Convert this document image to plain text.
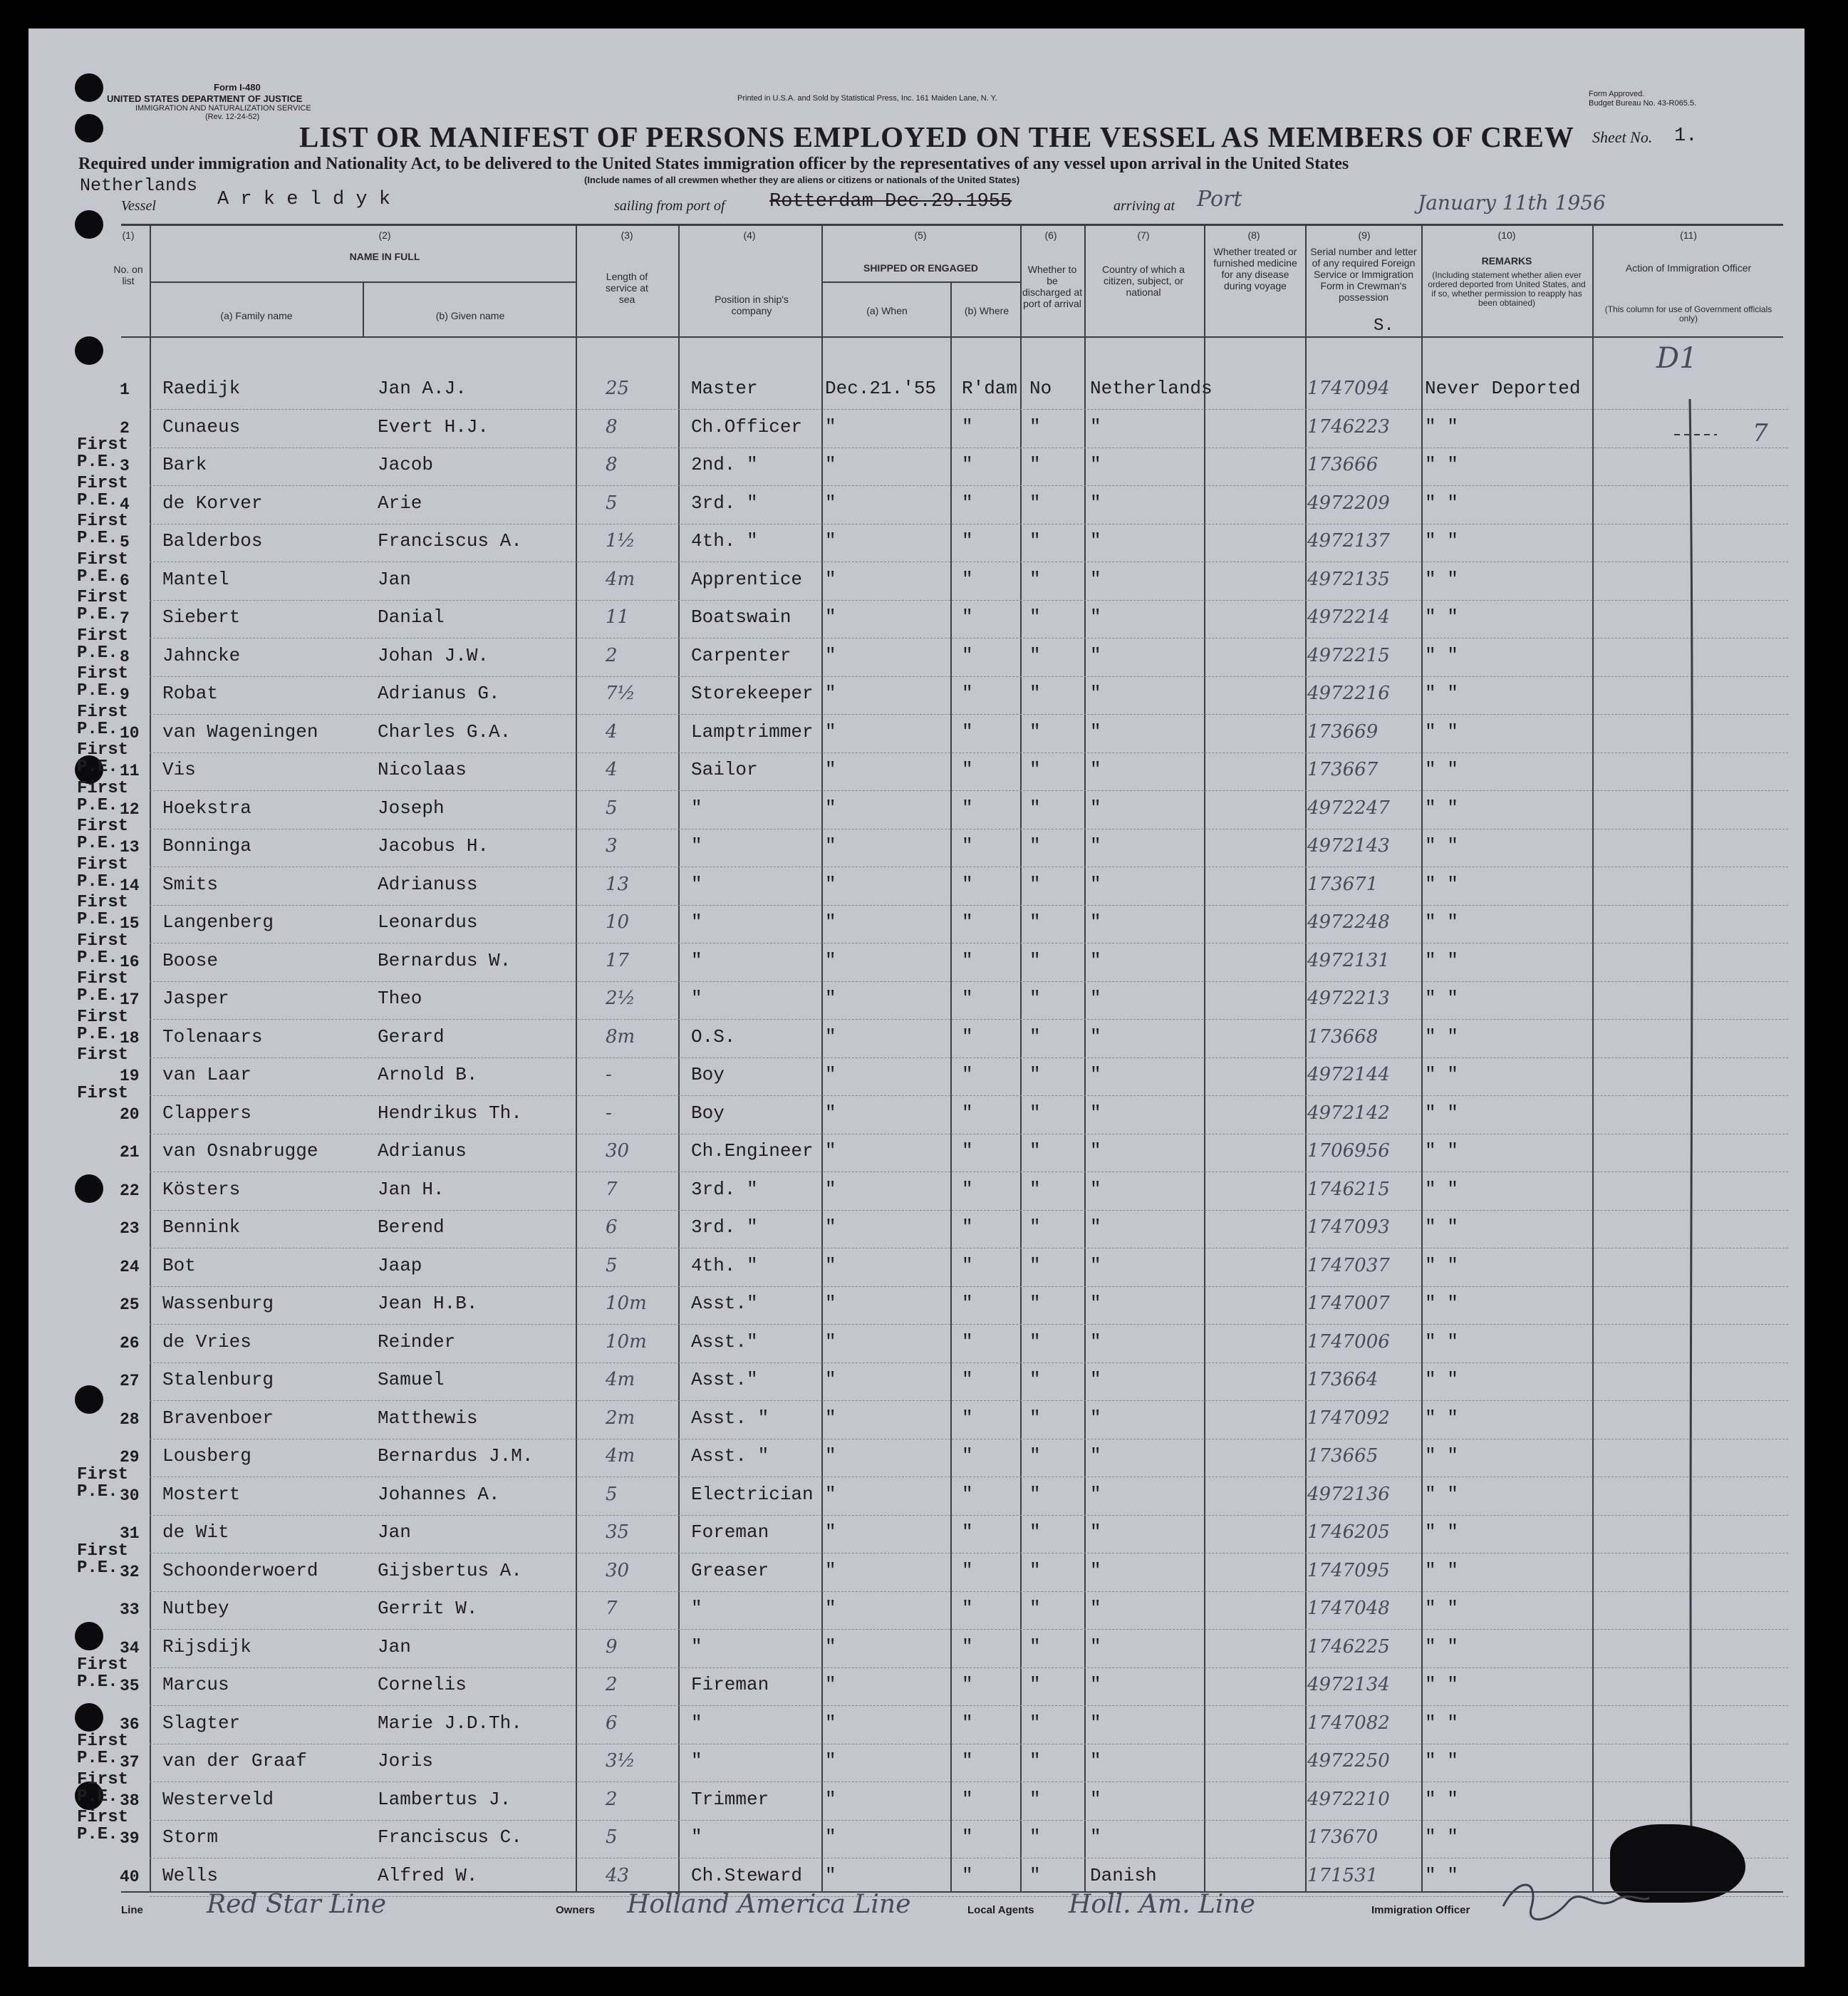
Form I-480
UNITED STATES DEPARTMENT OF JUSTICE
IMMIGRATION AND NATURALIZATION SERVICE
(Rev. 12-24-52)
Printed in U.S.A. and Sold by Statistical Press, Inc. 161 Maiden Lane, N. Y.	Form Approved.
Budget Bureau No. 43-R065.5.
LIST OR MANIFEST OF PERSONS EMPLOYED ON THE VESSEL AS MEMBERS OF CREW Sheet No. 1.
Required under immigration and Nationality Act, to be delivered to the United States immigration officer by the representatives of any vessel upon arrival in the United States
(Include names of all crewmen whether they are aliens or citizens or nationals of the United States)
Netherlands
Vessel	A r k e l d y k	sailing from port of Rotterdam Dec.29.1955	arriving at Port	January 11th 1956
(1)
No. on list
(2)
NAME IN FULL
(a) Family name	(b) Given name
(3)
Length of service at sea
(4)
Position in ship's company
(5)
SHIPPED OR ENGAGED
(a) When	(b) Where
(6)
Whether to be discharged at port of arrival
(7)
Country of which a citizen, subject, or national
(8)
Whether treated or furnished medicine for any disease during voyage
(9)
Serial number and letter of any required Foreign Service or Immigration Form in Crewman's possession
S.
(10)
REMARKS
(Including statement whether alien ever ordered deported from United States, and if so, whether permission to reapply has been obtained)
(11)
Action of Immigration Officer
(This column for use of Government officials only)
1 Raedijk	Jan A.J.	25	Master	Dec.21.'55 R'dam No Netherlands	1747094 Never Deported
2 Cunaeus	Evert H.J.	8	Ch.Officer "	"	"	"	1746223 " "
First P.E. 3 Bark	Jacob	8	2nd. "	"	"	"	"	173666	" "
First P.E. 4 de Korver	Arie	5	3rd. "	"	"	"	"	4972209 " "
First P.E. 5 Balderbos	Franciscus A.	1½	4th. "	"	"	"	"	4972137 " "
First P.E. 6 Mantel	Jan	4m	Apprentice "	"	"	"	4972135 " "
First P.E. 7 Siebert	Danial	11	Boatswain "	"	"	"	4972214 " "
First P.E. 8 Jahncke	Johan J.W.	2	Carpenter "	"	"	"	4972215 " "
First P.E. 9 Robat	Adrianus G.	7½	Storekeeper "	"	"	"	4972216 " "
First P.E. 10 van Wageningen	Charles G.A.	4	Lamptrimmer "	"	"	"	173669	" "
First P.E. 11 Vis	Nicolaas	4	Sailor	"	"	"	"	173667	" "
First P.E. 12 Hoekstra	Joseph	5	"	"	"	"	"	4972247 " "
First P.E. 13 Bonninga	Jacobus H.	3	"	"	"	"	"	4972143 " "
First P.E. 14 Smits	Adrianuss	13	"	"	"	"	"	173671	" "
First P.E. 15 Langenberg	Leonardus	10	"	"	"	"	"	4972248 " "
First P.E. 16 Boose	Bernardus W.	17	"	"	"	"	"	4972131 " "
First P.E. 17 Jasper	Theo	2½	"	"	"	"	"	4972213 " "
First P.E. 18 Tolenaars	Gerard	8m	O.S.	"	"	"	"	173668	" "
First
19 van Laar	Arnold B.	-	Boy	"	"	"	"	4972144 " "
First
20 Clappers	Hendrikus Th.	-	Boy	"	"	"	"	4972142 " "
21 van Osnabrugge	Adrianus	30	Ch.Engineer "	"	"	"	1706956 " "
22 Kösters	Jan H.	7	3rd. "	"	"	"	"	1746215 " "
23 Bennink	Berend	6	3rd. "	"	"	"	"	1747093 " "
24 Bot	Jaap	5	4th. "	"	"	"	"	1747037 " "
25 Wassenburg	Jean H.B.	10m Asst."	"	"	"	"	1747007 " "
26 de Vries	Reinder	10m Asst."	"	"	"	"	1747006 " "
27 Stalenburg	Samuel	4m	Asst."	"	"	"	"	173664	" "
28 Bravenboer	Matthewis	2m	Asst. "	"	"	"	"	1747092 " "
29 Lousberg	Bernardus J.M.	4m	Asst. "	"	"	"	"	173665	" "
First P.E. 30 Mostert	Johannes A.	5	Electrician "	"	"	"	4972136 " "
31 de Wit	Jan	35	Foreman	"	"	"	"	1746205 " "
First P.E. 32 Schoonderwoerd	Gijsbertus A.	30	Greaser	"	"	"	"	1747095 " "
33 Nutbey	Gerrit W.	7	"	"	"	"	"	1747048 " "
34 Rijsdijk	Jan	9	"	"	"	"	"	1746225 " "
First P.E. 35 Marcus	Cornelis	2	Fireman	"	"	"	"	4972134 " "
36 Slagter	Marie J.D.Th.	6	"	"	"	"	"	1747082 " "
First P.E. 37 van der Graaf	Joris	3½	"	"	"	"	"	4972250 " "
First P.E. 38 Westerveld	Lambertus J.	2	Trimmer	"	"	"	"	4972210 " "
First P.E. 39 Storm	Franciscus C.	5	"	"	"	"	"	173670	" "
40 Wells	Alfred W.	43	Ch.Steward "	"	"	Danish	171531	" "
D1
7
Line Red Star Line	Owners Holland America Line	Local Agents Holl. Am. Line	Immigration Officer
